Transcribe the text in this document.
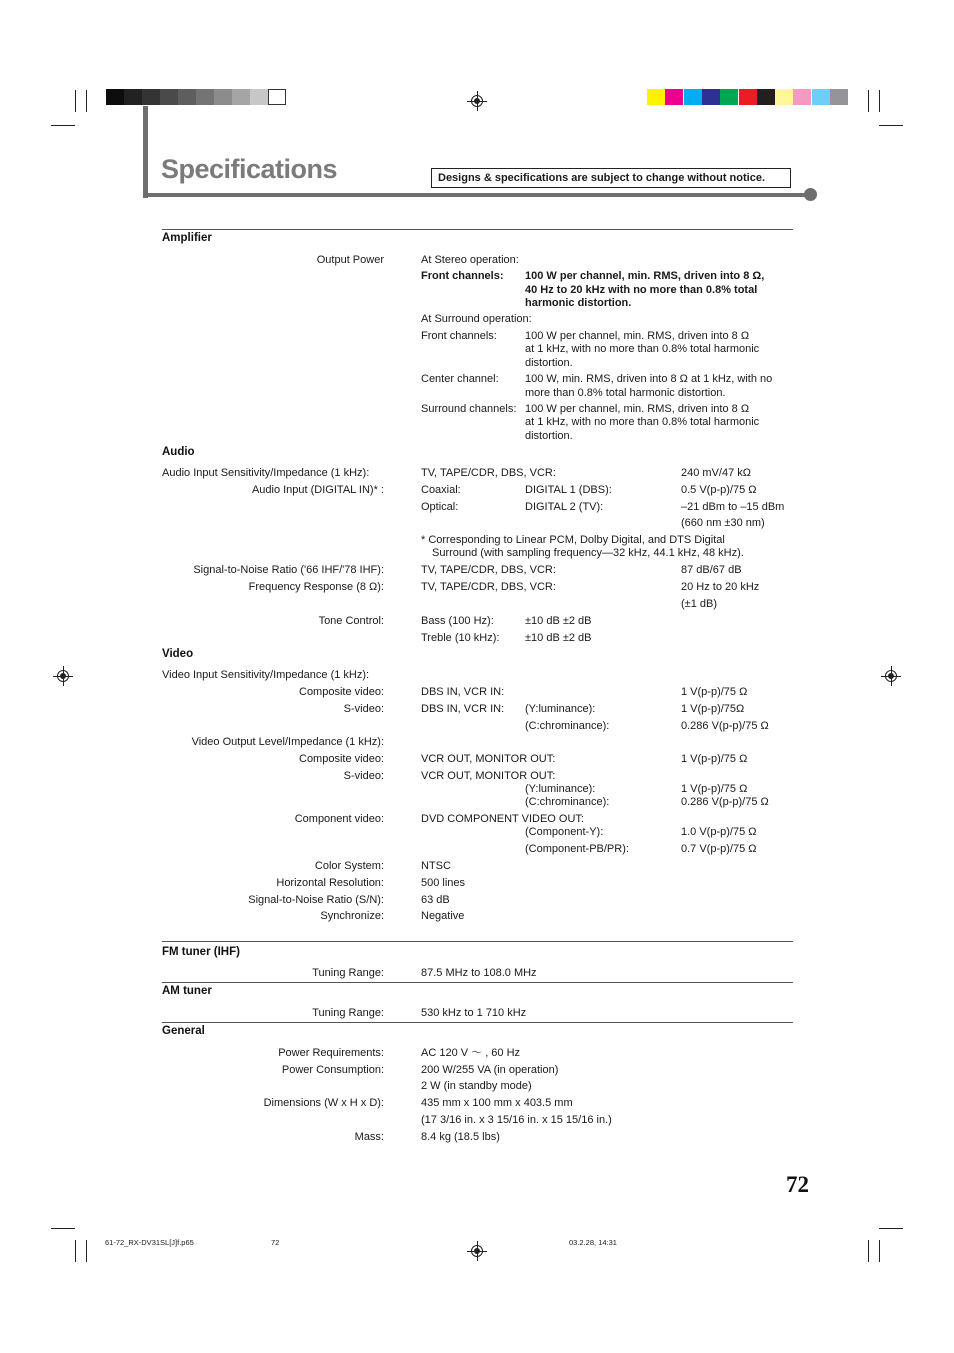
Specifications	Designs & specifications are subject to change without notice.
Amplifier
Output Power	At Stereo operation:
Front channels: 100 W per channel, min. RMS, driven into 8 Ω,
40 Hz to 20 kHz with no more than 0.8% total
harmonic distortion.
At Surround operation:
Front channels:	100 W per channel, min. RMS, driven into 8 Ω
at 1 kHz, with no more than 0.8% total harmonic
distortion.
Center channel: 100 W, min. RMS, driven into 8 Ω at 1 kHz, with no
more than 0.8% total harmonic distortion.
Surround channels: 100 W per channel, min. RMS, driven into 8 Ω
at 1 kHz, with no more than 0.8% total harmonic
distortion.
Audio
Audio Input Sensitivity/Impedance (1 kHz):	TV, TAPE/CDR, DBS, VCR:	240 mV/47 kΩ
Audio Input (DIGITAL IN)* :	Coaxial:	DIGITAL 1 (DBS):	0.5 V(p-p)/75 Ω
Optical:	DIGITAL 2 (TV):	–21 dBm to –15 dBm
(660 nm ±30 nm)
* Corresponding to Linear PCM, Dolby Digital, and DTS Digital
Surround (with sampling frequency—32 kHz, 44.1 kHz, 48 kHz).
Signal-to-Noise Ratio ('66 IHF/'78 IHF):	TV, TAPE/CDR, DBS, VCR:	87 dB/67 dB
Frequency Response (8 Ω):	TV, TAPE/CDR, DBS, VCR:	20 Hz to 20 kHz
(±1 dB)
Tone Control:	Bass (100 Hz):	±10 dB ±2 dB
Treble (10 kHz): ±10 dB ±2 dB
Video
Video Input Sensitivity/Impedance (1 kHz):
Composite video:	DBS IN, VCR IN:	1 V(p-p)/75 Ω
S-video:	DBS IN, VCR IN: (Y:luminance):	1 V(p-p)/75Ω
(C:chrominance):	0.286 V(p-p)/75 Ω
Video Output Level/Impedance (1 kHz):
Composite video:	VCR OUT, MONITOR OUT:	1 V(p-p)/75 Ω
S-video:	VCR OUT, MONITOR OUT:
(Y:luminance):	1 V(p-p)/75 Ω
(C:chrominance):	0.286 V(p-p)/75 Ω
Component video:	DVD COMPONENT VIDEO OUT:
(Component-Y):	1.0 V(p-p)/75 Ω
(Component-PB/PR):	0.7 V(p-p)/75 Ω
Color System:	NTSC
Horizontal Resolution:	500 lines
Signal-to-Noise Ratio (S/N):	63 dB
Synchronize:	Negative
FM tuner (IHF)
Tuning Range:	87.5 MHz to 108.0 MHz
AM tuner
Tuning Range:	530 kHz to 1 710 kHz
General
Power Requirements:	AC 120 V ～ , 60 Hz
Power Consumption:	200 W/255 VA (in operation)
2 W (in standby mode)
Dimensions (W x H x D):	435 mm x 100 mm x 403.5 mm
(17 3/16 in. x 3 15/16 in. x 15 15/16 in.)
Mass:	8.4 kg (18.5 lbs)
72
61-72_RX-DV31SL[J]f.p65	72	03.2.28, 14:31
